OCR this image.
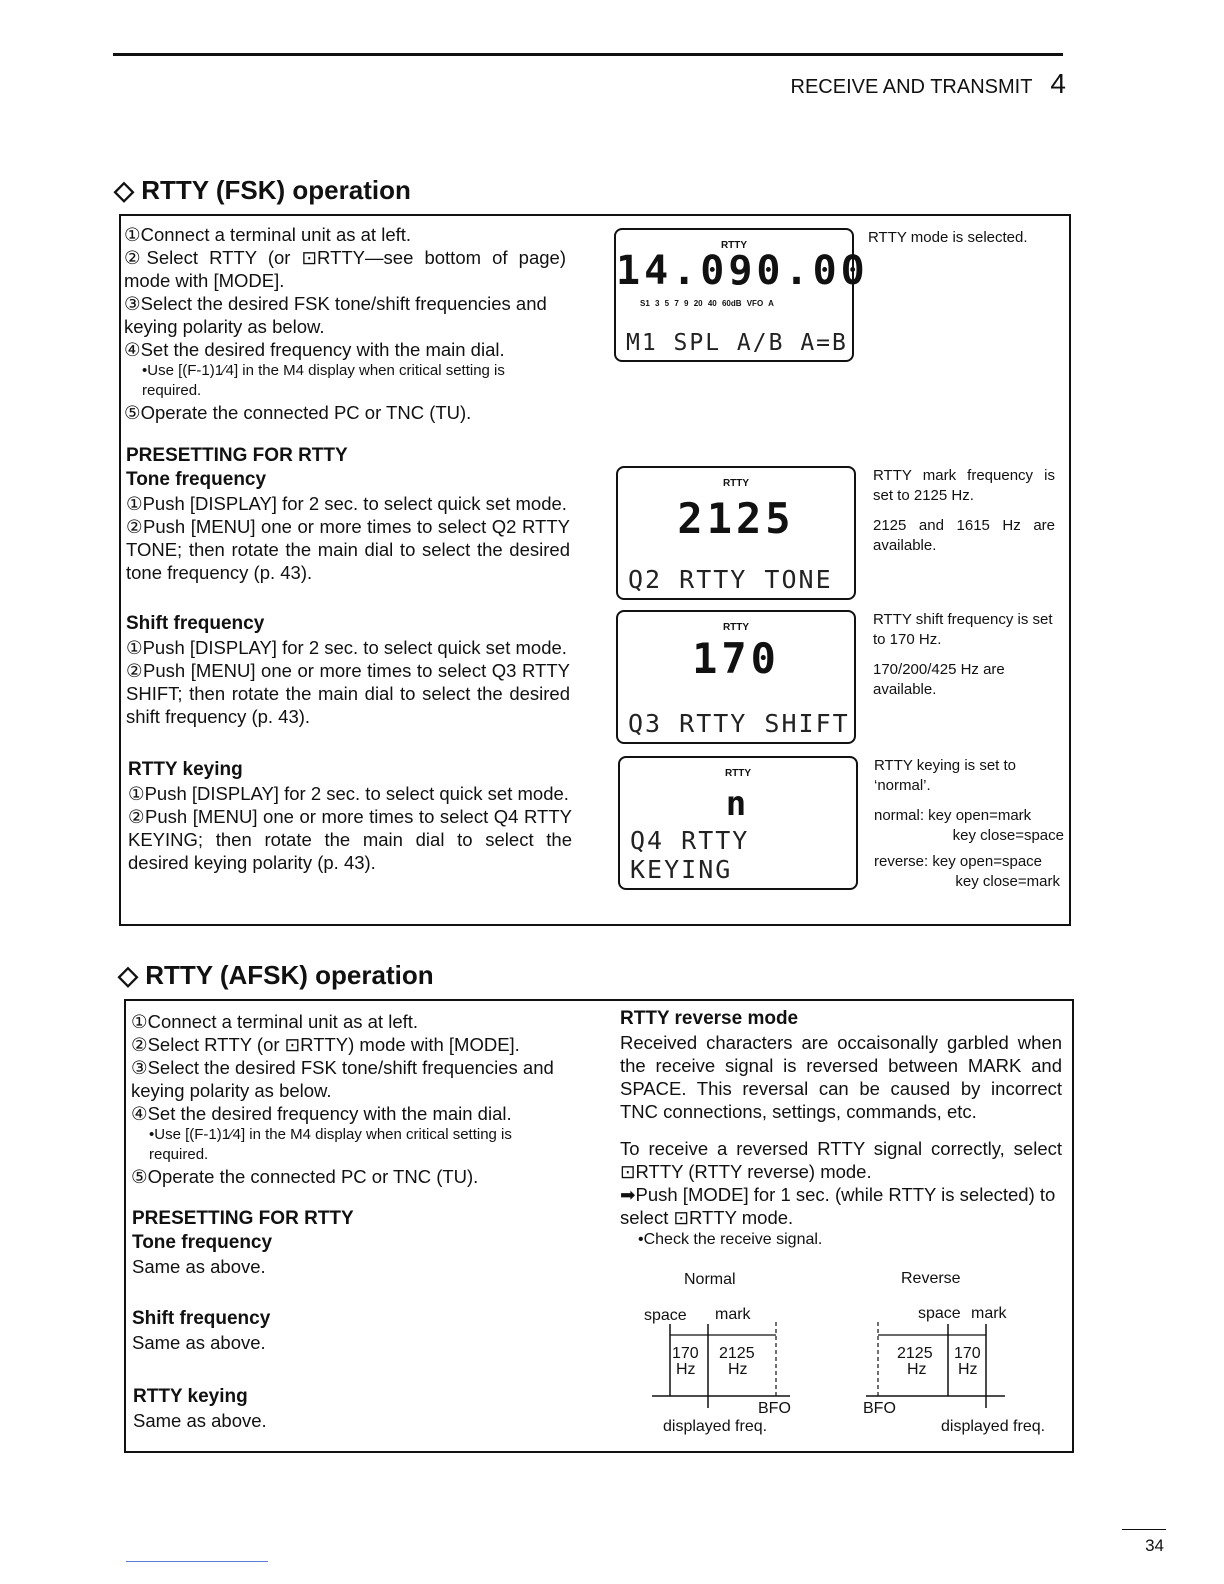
RECEIVE AND TRANSMIT 4
◇ RTTY (FSK) operation
①Connect a terminal unit as at left.
②Select RTTY (or ⊡RTTY—see bottom of page) mode with [MODE].
③Select the desired FSK tone/shift frequencies and keying polarity as below.
④Set the desired frequency with the main dial.
•Use [(F-1)1⁄4] in the M4 display when critical setting is required.
⑤Operate the connected PC or TNC (TU).
PRESETTING FOR RTTY
Tone frequency
①Push [DISPLAY] for 2 sec. to select quick set mode.
②Push [MENU] one or more times to select Q2 RTTY TONE; then rotate the main dial to select the desired tone frequency (p. 43).
Shift frequency
①Push [DISPLAY] for 2 sec. to select quick set mode.
②Push [MENU] one or more times to select Q3 RTTY SHIFT; then rotate the main dial to select the desired shift frequency (p. 43).
RTTY keying
①Push [DISPLAY] for 2 sec. to select quick set mode.
②Push [MENU] one or more times to select Q4 RTTY KEYING; then rotate the main dial to select the desired keying polarity (p. 43).
RTTY
14.090.00
S1 3 5 7 9 20 40 60dB VFO A
M1 SPL A/B A=B
RTTY mode is selected.
RTTY
2125
Q2 RTTY TONE
RTTY mark frequency is set to 2125 Hz.
2125 and 1615 Hz are available.
RTTY
170
Q3 RTTY SHIFT
RTTY shift frequency is set to 170 Hz.
170/200/425 Hz are available.
RTTY
n
Q4 RTTY KEYING
RTTY keying is set to ‘normal’.
normal: key open=mark
key close=space
reverse: key open=space
key close=mark
◇ RTTY (AFSK) operation
①Connect a terminal unit as at left.
②Select RTTY (or ⊡RTTY) mode with [MODE].
③Select the desired FSK tone/shift frequencies and keying polarity as below.
④Set the desired frequency with the main dial.
•Use [(F-1)1⁄4] in the M4 display when critical setting is required.
⑤Operate the connected PC or TNC (TU).
PRESETTING FOR RTTY
Tone frequency
Same as above.
Shift frequency
Same as above.
RTTY keying
Same as above.
RTTY reverse mode
Received characters are occaisonally garbled when the receive signal is reversed between MARK and SPACE. This reversal can be caused by incorrect TNC connections, settings, commands, etc.
To receive a reversed RTTY signal correctly, select ⊡RTTY (RTTY reverse) mode.
➡Push [MODE] for 1 sec. (while RTTY is selected) to select ⊡RTTY mode.
•Check the receive signal.
Normal	Reverse
space mark	space mark
170
Hz
2125
Hz
BFO
displayed freq.
2125
Hz
170
Hz
BFO
displayed freq.
34
